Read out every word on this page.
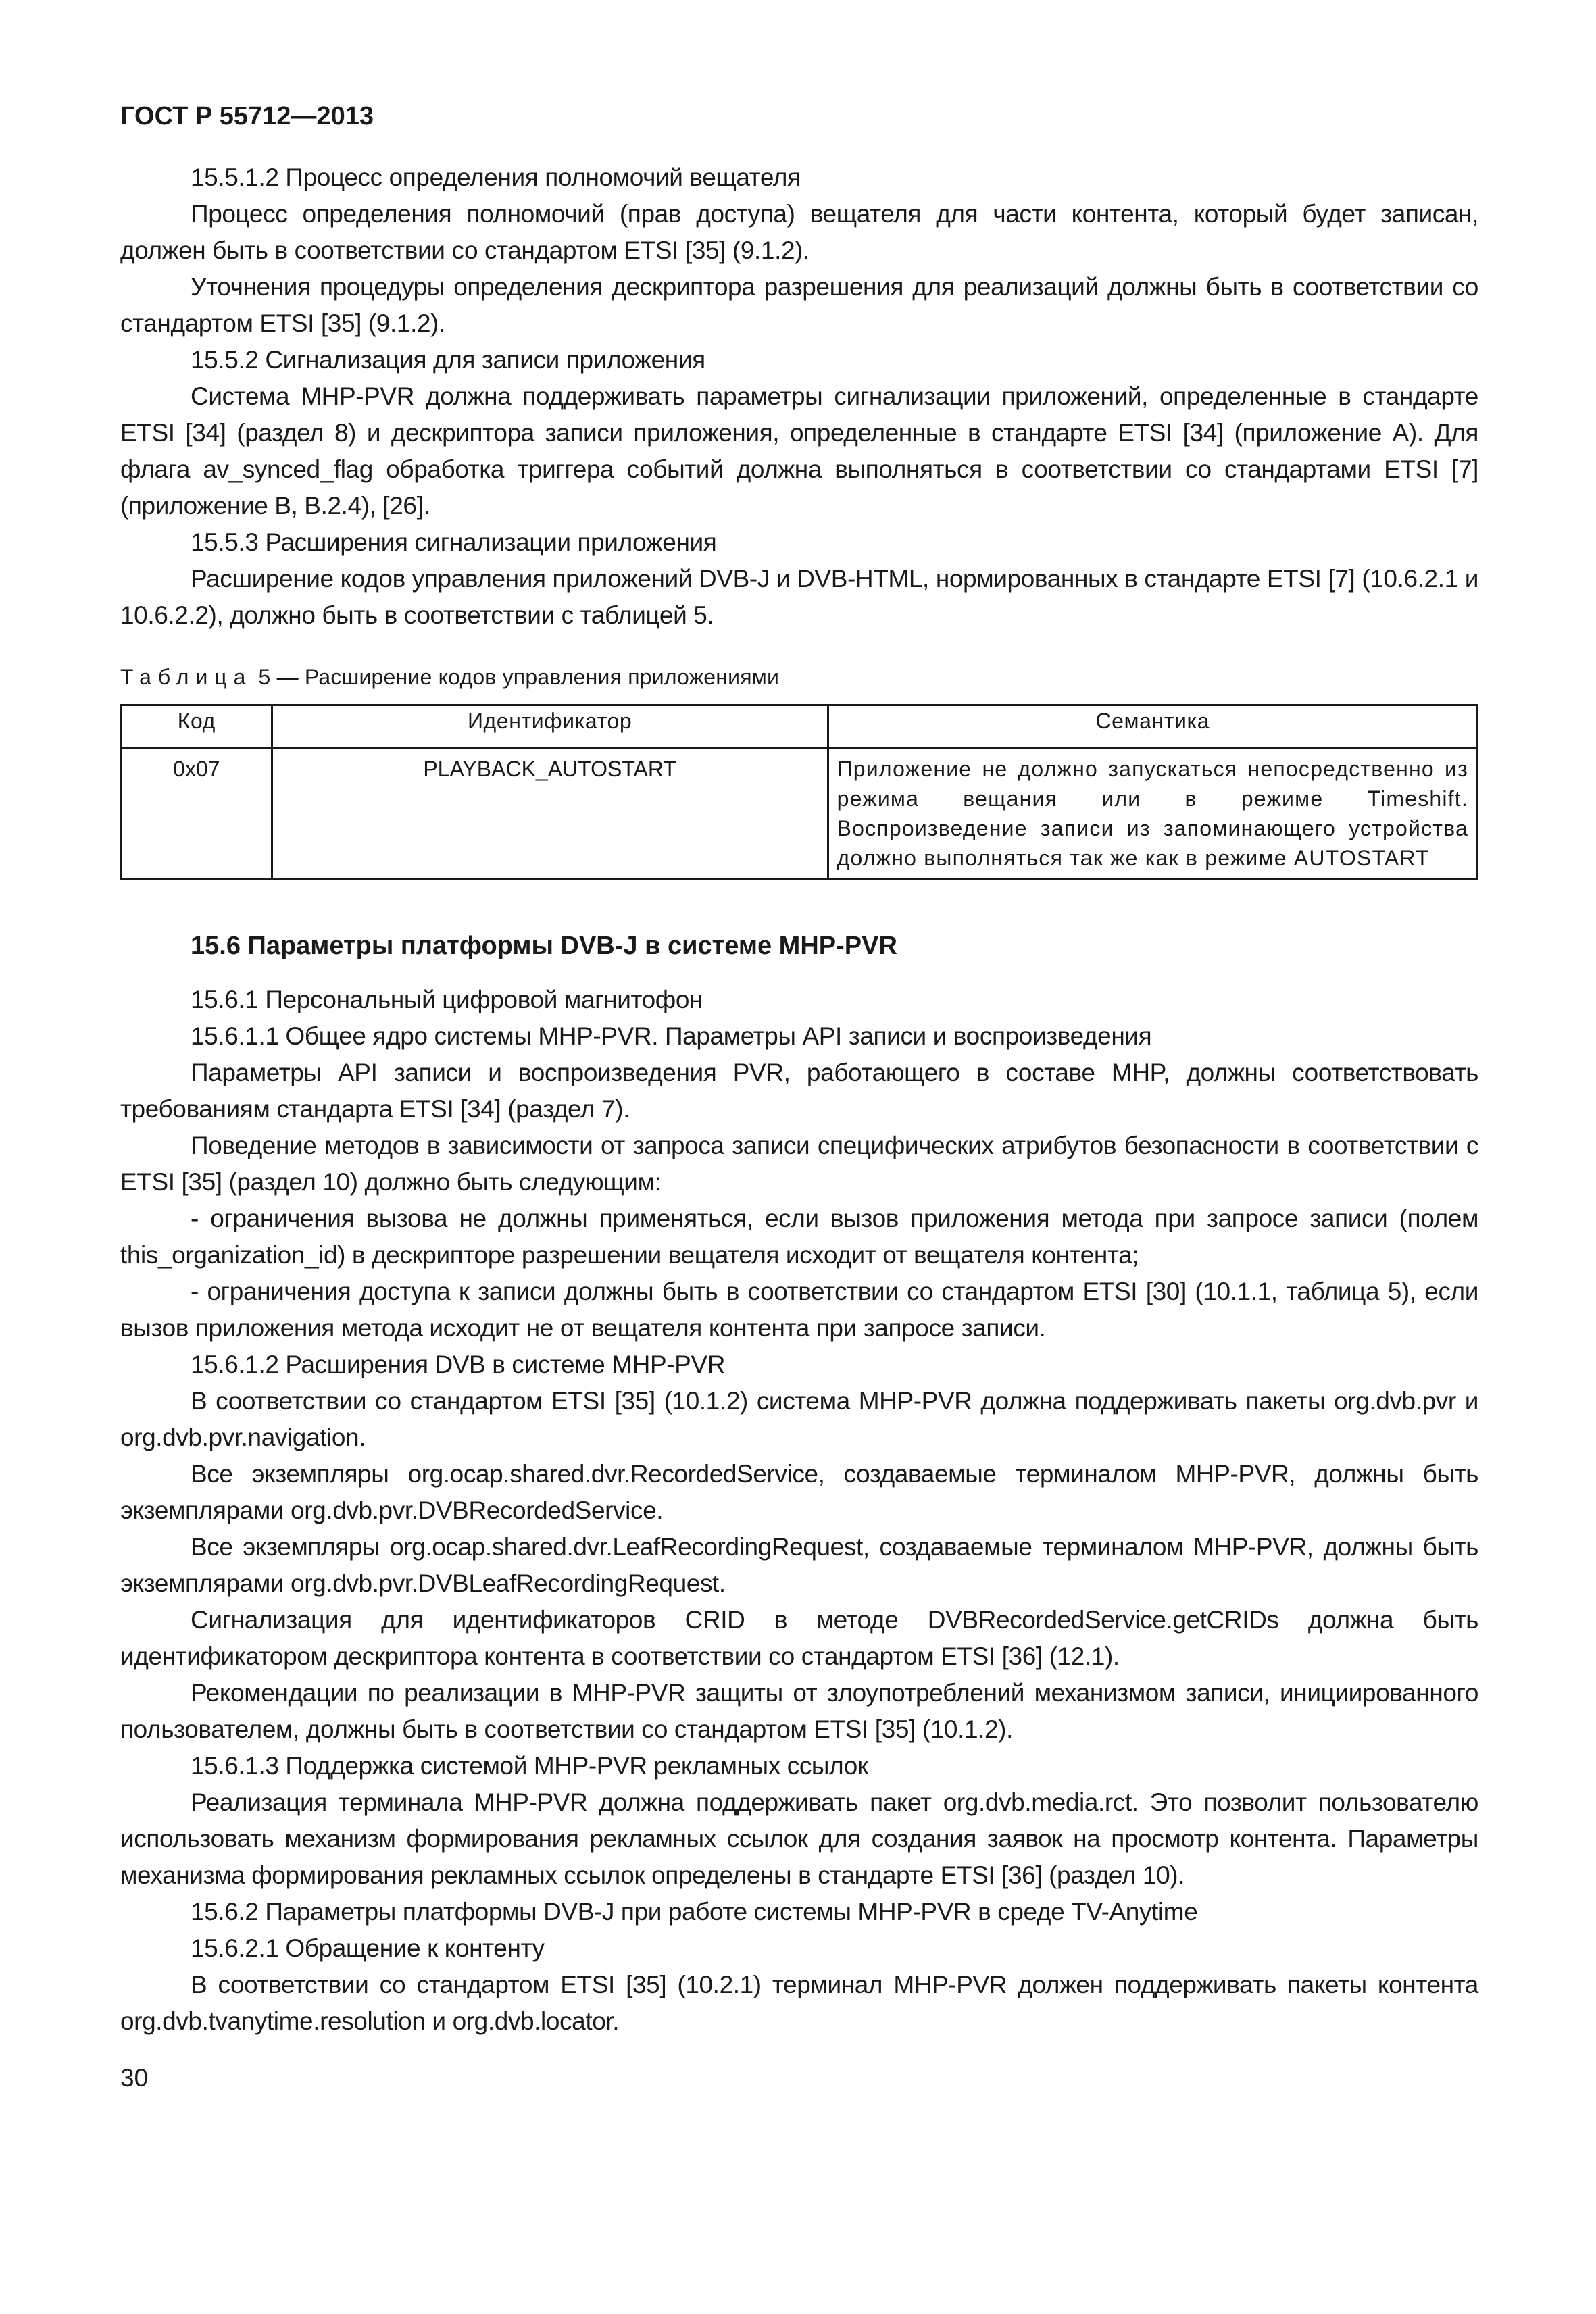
ГОСТ Р 55712—2013

15.5.1.2 Процесс определения полномочий вещателя

Процесс определения полномочий (прав доступа) вещателя для части контента, который будет записан, должен быть в соответствии со стандартом ETSI [35] (9.1.2).

Уточнения процедуры определения дескриптора разрешения для реализаций должны быть в соответствии со стандартом ETSI [35] (9.1.2).

15.5.2 Сигнализация для записи приложения

Система MHP-PVR должна поддерживать параметры сигнализации приложений, определенные в стандарте ETSI [34] (раздел 8) и дескриптора записи приложения, определенные в стандарте ETSI [34] (приложение А). Для флага av_synced_flag обработка триггера событий должна выполняться в соответствии со стандартами ETSI [7] (приложение B, B.2.4), [26].

15.5.3 Расширения сигнализации приложения

Расширение кодов управления приложений DVB-J и DVB-HTML, нормированных в стандарте ETSI [7] (10.6.2.1 и 10.6.2.2), должно быть в соответствии с таблицей 5.

Таблица 5 — Расширение кодов управления приложениями
Код	Идентификатор	Семантика
0x07	PLAYBACK_AUTOSTART	Приложение не должно запускаться непосредственно из режима вещания или в режиме Timeshift. Воспроизведение записи из запоминающего устройства должно выполняться так же как в режиме AUTOSTART
15.6 Параметры платформы DVB-J в системе MHP-PVR

15.6.1 Персональный цифровой магнитофон

15.6.1.1 Общее ядро системы MHP-PVR. Параметры API записи и воспроизведения

Параметры API записи и воспроизведения PVR, работающего в составе MHP, должны соответствовать требованиям стандарта ETSI [34] (раздел 7).

Поведение методов в зависимости от запроса записи специфических атрибутов безопасности в соответствии с ETSI [35] (раздел 10) должно быть следующим:

- ограничения вызова не должны применяться, если вызов приложения метода при запросе записи (полем this_organization_id) в дескрипторе разрешении вещателя исходит от вещателя контента;

- ограничения доступа к записи должны быть в соответствии со стандартом ETSI [30] (10.1.1, таблица 5), если вызов приложения метода исходит не от вещателя контента при запросе записи.

15.6.1.2 Расширения DVB в системе MHP-PVR

В соответствии со стандартом ETSI [35] (10.1.2) система MHP-PVR должна поддерживать пакеты org.dvb.pvr и org.dvb.pvr.navigation.

Все экземпляры org.ocap.shared.dvr.RecordedService, создаваемые терминалом MHP-PVR, должны быть экземплярами org.dvb.pvr.DVBRecordedService.

Все экземпляры org.ocap.shared.dvr.LeafRecordingRequest, создаваемые терминалом MHP-PVR, должны быть экземплярами org.dvb.pvr.DVBLeafRecordingRequest.

Сигнализация для идентификаторов CRID в методе DVBRecordedService.getCRIDs должна быть идентификатором дескриптора контента в соответствии со стандартом ETSI [36] (12.1).

Рекомендации по реализации в MHP-PVR защиты от злоупотреблений механизмом записи, инициированного пользователем, должны быть в соответствии со стандартом ETSI [35] (10.1.2).

15.6.1.3 Поддержка системой MHP-PVR рекламных ссылок

Реализация терминала MHP-PVR должна поддерживать пакет org.dvb.media.rct. Это позволит пользователю использовать механизм формирования рекламных ссылок для создания заявок на просмотр контента. Параметры механизма формирования рекламных ссылок определены в стандарте ETSI [36] (раздел 10).

15.6.2 Параметры платформы DVB-J при работе системы MHP-PVR в среде TV-Anytime

15.6.2.1 Обращение к контенту

В соответствии со стандартом ETSI [35] (10.2.1) терминал MHP-PVR должен поддерживать пакеты контента org.dvb.tvanytime.resolution и org.dvb.locator.

30
